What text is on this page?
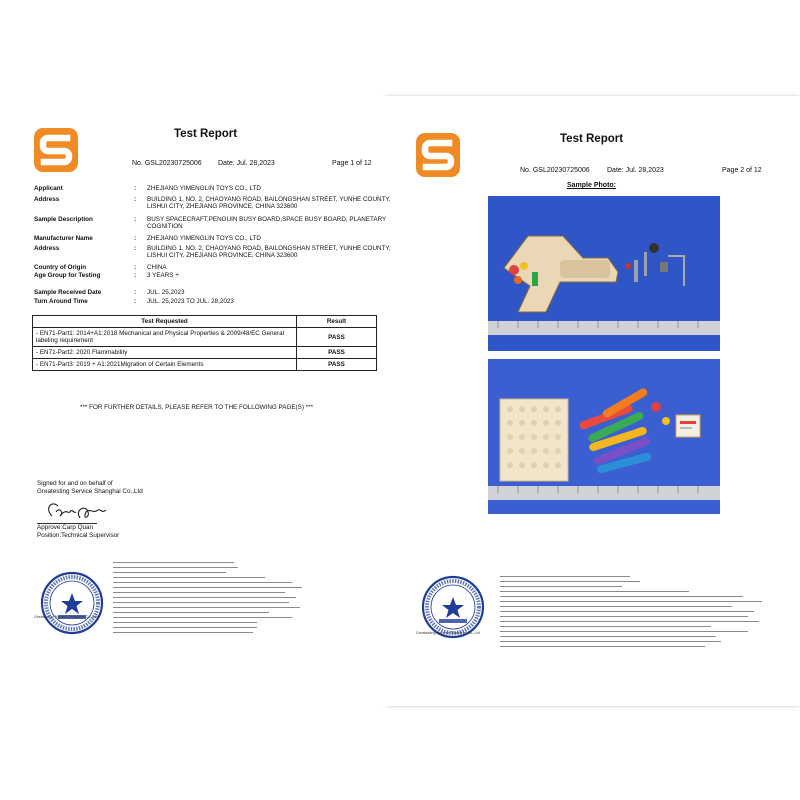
Test Report
No. GSL20230725006 Date: Jul. 28,2023	Page 1 of 12
Applicant	: ZHEJIANG YIMENGLIN TOYS CO., LTD
Address	: BUILDING 1, NO. 2, CHAOYANG ROAD, BAILONGSHAN STREET, YUNHE COUNTY, LISHUI CITY, ZHEJIANG PROVINCE, CHINA 323600
Sample Description	: BUSY SPACECRAFT,PENGUIN BUSY BOARD,SPACE BUSY BOARD, PLANETARY COGNITION
Manufacturer Name	: ZHEJIANG YIMENGLIN TOYS CO., LTD
Address	: BUILDING 1, NO. 2, CHAOYANG ROAD, BAILONGSHAN STREET, YUNHE COUNTY, LISHUI CITY, ZHEJIANG PROVINCE, CHINA 323600
Country of Origin	: CHINA
Age Group for Testing	: 3 YEARS +
Sample Received Date	: JUL. 25,2023
Turn Around Time	: JUL. 25,2023 TO JUL. 28,2023
Test Requested	Result
- EN71-Part1: 2014+A1:2018 Mechanical and Physical Properties & 2009/48/EC General labeling requirement	PASS
- EN71-Part2: 2020 Flammability	PASS
- EN71-Part3: 2019 + A1:2021Migration of Certain Elements	PASS
*** FOR FURTHER DETAILS, PLEASE REFER TO THE FOLLOWING PAGE(S) ***
Signed for and on behalf of
Greatesting Service Shanghai Co.,Ltd
Approve:Carp Quan
Position:Technical Supervisor
Greatesting Service Shanghai Co.,Ltd
Test Report
No. GSL20230725006 Date: Jul. 28,2023	Page 2 of 12
Sample Photo:
Greatesting Service Shanghai Co.,Ltd
